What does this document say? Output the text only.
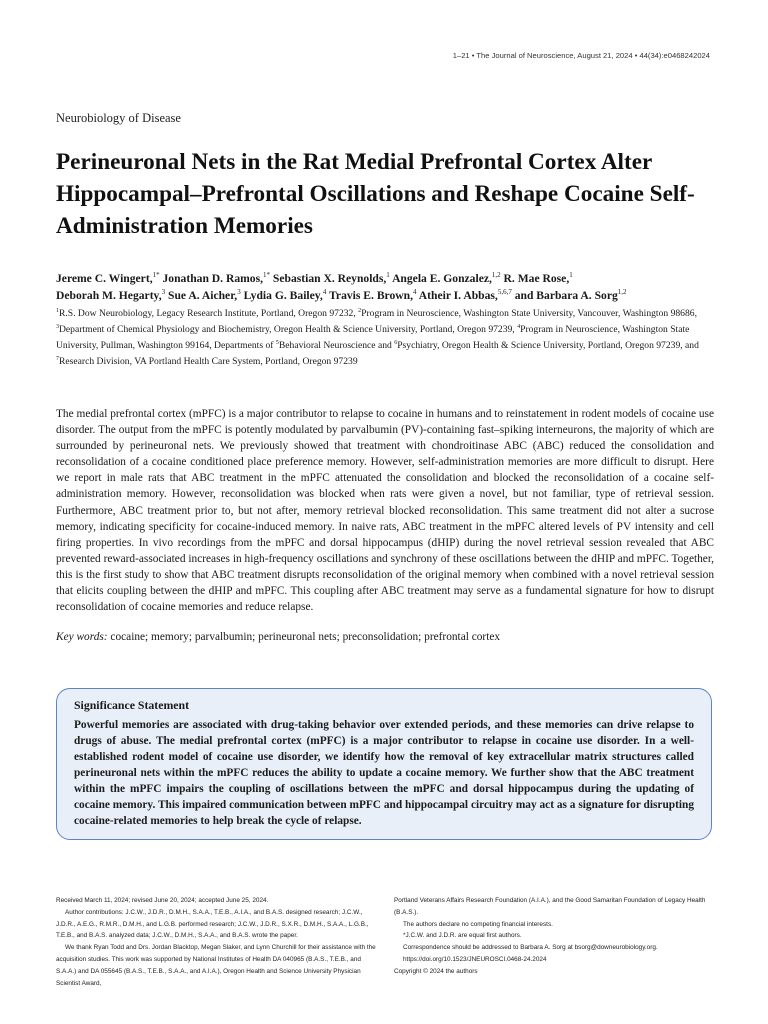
1–21 • The Journal of Neuroscience, August 21, 2024 • 44(34):e0468242024
Neurobiology of Disease
Perineuronal Nets in the Rat Medial Prefrontal Cortex Alter Hippocampal–Prefrontal Oscillations and Reshape Cocaine Self-Administration Memories

Jereme C. Wingert,$^{1*}$ Jonathan D. Ramos,$^{1*}$ Sebastian X. Reynolds,$^1$ Angela E. Gonzalez,$^{1,2}$ R. Mae Rose,$^1$
Deborah M. Hegarty,$^3$ Sue A. Aicher,$^3$ Lydia G. Bailey,$^4$ Travis E. Brown,$^4$ Atheir I. Abbas,$^{5,6,7}$ and Barbara A. Sorg$^{1,2}$

$^1$R.S. Dow Neurobiology, Legacy Research Institute, Portland, Oregon 97232, $^2$Program in Neuroscience, Washington State University, Vancouver, Washington 98686, $^3$Department of Chemical Physiology and Biochemistry, Oregon Health & Science University, Portland, Oregon 97239, $^4$Program in Neuroscience, Washington State University, Pullman, Washington 99164, Departments of $^5$Behavioral Neuroscience and $^6$Psychiatry, Oregon Health & Science University, Portland, Oregon 97239, and $^7$Research Division, VA Portland Health Care System, Portland, Oregon 97239

The medial prefrontal cortex (mPFC) is a major contributor to relapse to cocaine in humans and to reinstatement in rodent models of cocaine use disorder. The output from the mPFC is potently modulated by parvalbumin (PV)-containing fast–spiking interneurons, the majority of which are surrounded by perineuronal nets. We previously showed that treatment with chondroitinase ABC (ABC) reduced the consolidation and reconsolidation of a cocaine conditioned place preference memory. However, self-administration memories are more difficult to disrupt. Here we report in male rats that ABC treatment in the mPFC attenuated the consolidation and blocked the reconsolidation of a cocaine self-administration memory. However, reconsolidation was blocked when rats were given a novel, but not familiar, type of retrieval session. Furthermore, ABC treatment prior to, but not after, memory retrieval blocked reconsolidation. This same treatment did not alter a sucrose memory, indicating specificity for cocaine-induced memory. In naive rats, ABC treatment in the mPFC altered levels of PV intensity and cell firing properties. In vivo recordings from the mPFC and dorsal hippocampus (dHIP) during the novel retrieval session revealed that ABC prevented reward-associated increases in high-frequency oscillations and synchrony of these oscillations between the dHIP and mPFC. Together, this is the first study to show that ABC treatment disrupts reconsolidation of the original memory when combined with a novel retrieval session that elicits coupling between the dHIP and mPFC. This coupling after ABC treatment may serve as a fundamental signature for how to disrupt reconsolidation of cocaine memories and reduce relapse.

Key words: cocaine; memory; parvalbumin; perineuronal nets; preconsolidation; prefrontal cortex

Significance Statement

Powerful memories are associated with drug-taking behavior over extended periods, and these memories can drive relapse to drugs of abuse. The medial prefrontal cortex (mPFC) is a major contributor to relapse in cocaine use disorder. In a well-established rodent model of cocaine use disorder, we identify how the removal of key extracellular matrix structures called perineuronal nets within the mPFC reduces the ability to update a cocaine memory. We further show that the ABC treatment within the mPFC impairs the coupling of oscillations between the mPFC and dorsal hippocampus during the updating of cocaine memory. This impaired communication between mPFC and hippocampal circuitry may act as a signature for disrupting cocaine-related memories to help break the cycle of relapse.

Received March 11, 2024; revised June 20, 2024; accepted June 25, 2024.

Author contributions: J.C.W., J.D.R., D.M.H., S.A.A., T.E.B., A.I.A., and B.A.S. designed research; J.C.W., J.D.R., A.E.G., R.M.R., D.M.H., and L.G.B. performed research; J.C.W., J.D.R., S.X.R., D.M.H., S.A.A., L.G.B., T.E.B., and B.A.S. analyzed data; J.C.W., D.M.H., S.A.A., and B.A.S. wrote the paper.

We thank Ryan Todd and Drs. Jordan Blacktop, Megan Slaker, and Lynn Churchill for their assistance with the acquisition studies. This work was supported by National Institutes of Health DA 040965 (B.A.S., T.E.B., and S.A.A.) and DA 055645 (B.A.S., T.E.B., S.A.A., and A.I.A.), Oregon Health and Science University Physician Scientist Award,

Portland Veterans Affairs Research Foundation (A.I.A.), and the Good Samaritan Foundation of Legacy Health (B.A.S.).

The authors declare no competing financial interests.

*J.C.W. and J.D.R. are equal first authors.

Correspondence should be addressed to Barbara A. Sorg at bsorg@downeurobiology.org.

https://doi.org/10.1523/JNEUROSCI.0468-24.2024

Copyright © 2024 the authors
